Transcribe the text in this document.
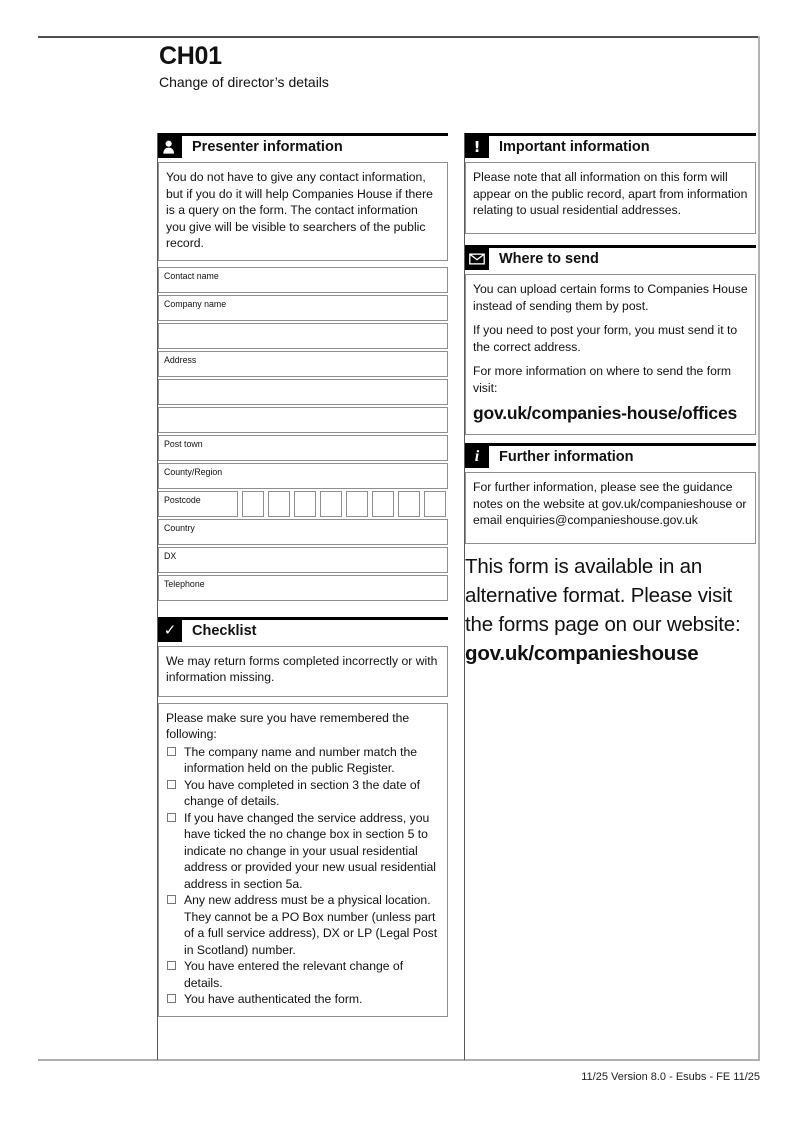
CH01
Change of director’s details
Presenter information

You do not have to give any contact information, but if you do it will help Companies House if there is a query on the form. The contact information you give will be visible to searchers of the public record.

Contact name
Company name
Address
Post town
County/Region
Postcode
Country
DX
Telephone
✓	Checklist

We may return forms completed incorrectly or with information missing.

Please make sure you have remembered the following:
The company name and number match the information held on the public Register.
You have completed in section 3 the date of change of details.
If you have changed the service address, you have ticked the no change box in section 5 to indicate no change in your usual residential address or provided your new usual residential address in section 5a.
Any new address must be a physical location. They cannot be a PO Box number (unless part of a full service address), DX or LP (Legal Post in Scotland) number.
You have entered the relevant change of details.
You have authenticated the form.
!	Important information

Please note that all information on this form will appear on the public record, apart from information relating to usual residential addresses.

Where to send

You can upload certain forms to Companies House instead of sending them by post.

If you need to post your form, you must send it to the correct address.

For more information on where to send the form visit:

gov.uk/companies-house/offices
i	Further information

For further information, please see the guidance notes on the website at gov.uk/companieshouse or email enquiries@companieshouse.gov.uk

This form is available in an alternative format. Please visit the forms page on our website:
gov.uk/companieshouse
11/25 Version 8.0 - Esubs - FE 11/25
